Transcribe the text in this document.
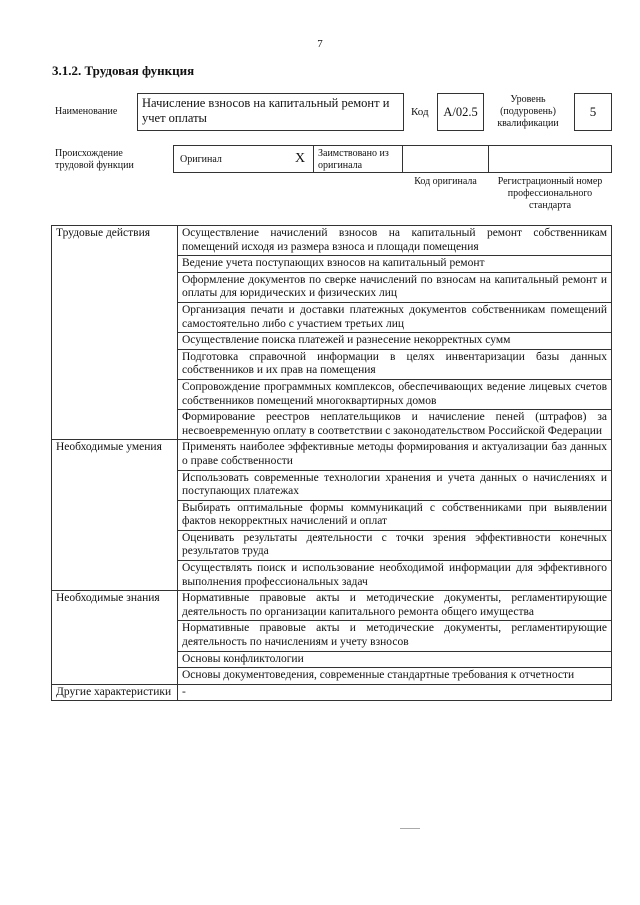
7
3.1.2. Трудовая функция
Наименование
Начисление взносов на капитальный ремонт и учет оплаты	Код A/02.5
Уровень (подуровень) квалификации
5
Происхождение трудовой функции
Оригинал	X	Заимствовано из оригинала
Код оригинала	Регистрационный номер профессионального стандарта
Трудовые действия	Осуществление начислений взносов на капитальный ремонт собственникам помещений исходя из размера взноса и площади помещения
	Ведение учета поступающих взносов на капитальный ремонт
	Оформление документов по сверке начислений по взносам на капитальный ремонт и оплаты для юридических и физических лиц
	Организация печати и доставки платежных документов собственникам помещений самостоятельно либо с участием третьих лиц
	Осуществление поиска платежей и разнесение некорректных сумм
	Подготовка справочной информации в целях инвентаризации базы данных собственников и их прав на помещения
	Сопровождение программных комплексов, обеспечивающих ведение лицевых счетов собственников помещений многоквартирных домов
	Формирование реестров неплательщиков и начисление пеней (штрафов) за несвоевременную оплату в соответствии с законодательством Российской Федерации
Необходимые умения	Применять наиболее эффективные методы формирования и актуализации баз данных о праве собственности
	Использовать современные технологии хранения и учета данных о начислениях и поступающих платежах
	Выбирать оптимальные формы коммуникаций с собственниками при выявлении фактов некорректных начислений и оплат
	Оценивать результаты деятельности с точки зрения эффективности конечных результатов труда
	Осуществлять поиск и использование необходимой информации для эффективного выполнения профессиональных задач
Необходимые знания	Нормативные правовые акты и методические документы, регламентирующие деятельность по организации капитального ремонта общего имущества
	Нормативные правовые акты и методические документы, регламентирующие деятельность по начислениям и учету взносов
	Основы конфликтологии
	Основы документоведения, современные стандартные требования к отчетности
Другие характеристики	-
